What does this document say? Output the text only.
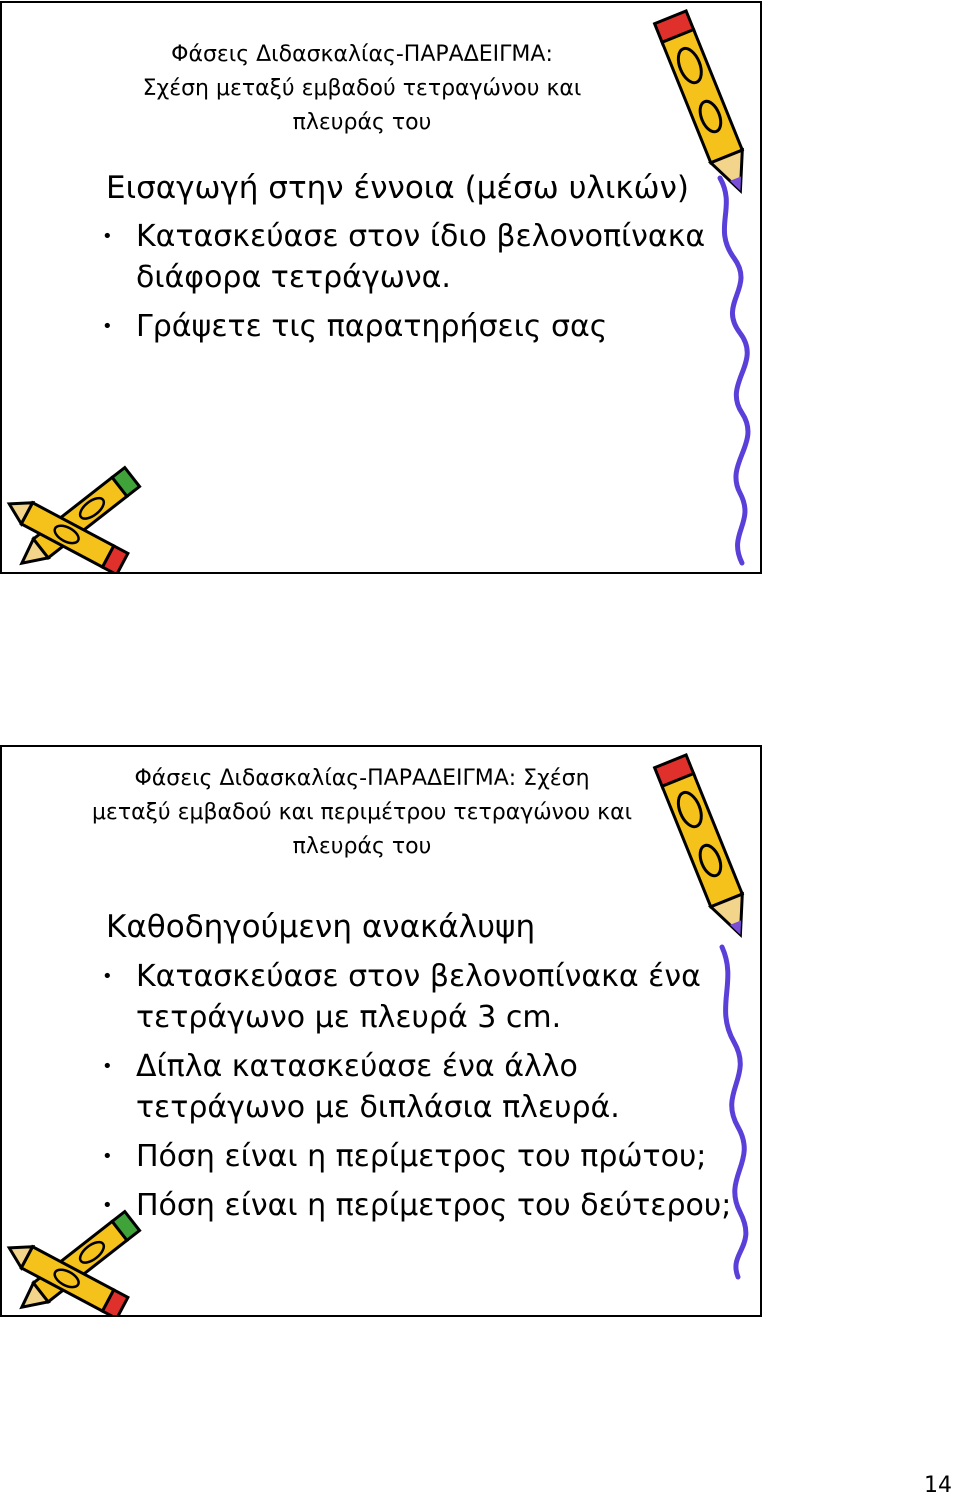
Φάσεις Διδασκαλίας-ΠΑΡΑΔΕΙΓΜΑ:
Σχέση μεταξύ εμβαδού τετραγώνου και
πλευράς του
Εισαγωγή στην έννοια (μέσω υλικών)
• Κατασκεύασε στον ίδιο βελονοπίνακα διάφορα τετράγωνα.
• Γράψετε τις παρατηρήσεις σας
Φάσεις Διδασκαλίας-ΠΑΡΑΔΕΙΓΜΑ: Σχέση
μεταξύ εμβαδού και περιμέτρου τετραγώνου και
πλευράς του
Καθοδηγούμενη ανακάλυψη
• Κατασκεύασε στον βελονοπίνακα ένα τετράγωνο με πλευρά 3 cm.
• Δίπλα κατασκεύασε ένα άλλο τετράγωνο με διπλάσια πλευρά.
• Πόση είναι η περίμετρος του πρώτου;
• Πόση είναι η περίμετρος του δεύτερου;
14
